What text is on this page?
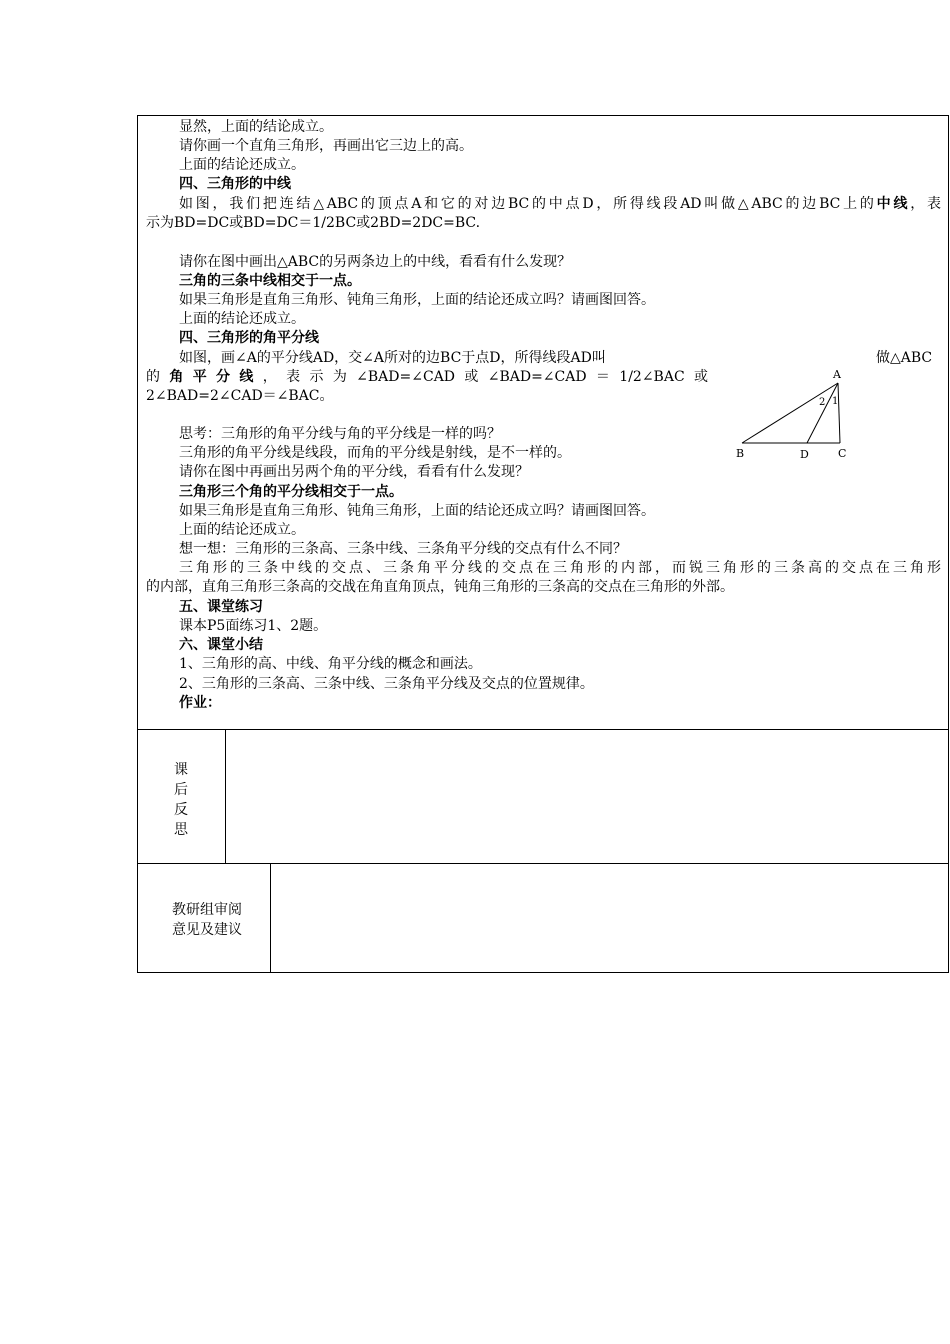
显然，上面的结论成立。
请你画一个直角三角形，再画出它三边上的高。
上面的结论还成立。
四、三角形的中线
如图，我们把连结△ABC的顶点A和它的对边BC的中点D，所得线段AD叫做△ABC的边BC上的中线，表
示为BD=DC或BD=DC＝1/2BC或2BD=2DC=BC.
请你在图中画出△ABC的另两条边上的中线，看看有什么发现？
三角的三条中线相交于一点。
如果三角形是直角三角形、钝角三角形，上面的结论还成立吗？请画图回答。
上面的结论还成立。
四、三角形的角平分线
如图，画∠A的平分线AD，交∠A所对的边BC于点D，所得线段AD叫	做△ABC
的角平分线，表示为∠BAD=∠CAD或∠BAD=∠CAD＝1/2∠BAC或
2∠BAD=2∠CAD＝∠BAC。
思考：三角形的角平分线与角的平分线是一样的吗？
三角形的角平分线是线段，而角的平分线是射线，是不一样的。
请你在图中再画出另两个角的平分线，看看有什么发现？
三角形三个角的平分线相交于一点。
如果三角形是直角三角形、钝角三角形，上面的结论还成立吗？请画图回答。
上面的结论还成立。
想一想：三角形的三条高、三条中线、三条角平分线的交点有什么不同？
三角形的三条中线的交点、三条角平分线的交点在三角形的内部，而锐三角形的三条高的交点在三角形
的内部，直角三角形三条高的交战在角直角顶点，钝角三角形的三条高的交点在三角形的外部。
五、课堂练习
课本P5面练习1、2题。
六、课堂小结
1、三角形的高、中线、角平分线的概念和画法。
2、三角形的三条高、三条中线、三条角平分线及交点的位置规律。
作业：
A
B	D	C
2 1
课
后
反
思
教研组审阅
意见及建议
